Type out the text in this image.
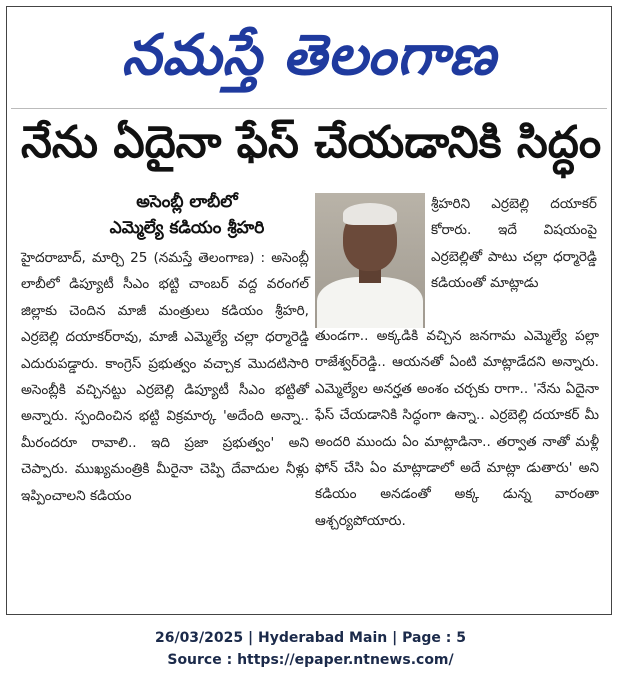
నమస్తే తెలంగాణ
నేను ఏదైనా ఫేస్ చేయడానికి సిద్ధం
అసెంబ్లీ లాబీలో
ఎమ్మెల్యే కడియం శ్రీహరి
హైదరాబాద్, మార్చి 25 (నమస్తే తెలంగాణ) : అసెంబ్లీ లాబీలో డిప్యూటీ సీఎం భట్టి చాంబర్ వద్ద వరంగల్ జిల్లాకు చెందిన మాజీ మంత్రులు కడియం శ్రీహరి, ఎర్రబెల్లి దయాకర్‌రావు, మాజీ ఎమ్మెల్యే చల్లా ధర్మారెడ్డి ఎదురుపడ్డారు. కాంగ్రెస్ ప్రభుత్వం వచ్చాక మొదటిసారి అసెంబ్లీకి వచ్చినట్టు ఎర్రబెల్లి డిప్యూటీ సీఎం భట్టితో అన్నారు. స్పందించిన భట్టి విక్రమార్క 'అదేంది అన్నా.. మీరందరూ రావాలి.. ఇది ప్రజా ప్రభుత్వం' అని చెప్పారు. ముఖ్యమంత్రికి మీరైనా చెప్పి దేవాదుల నీళ్లు ఇప్పించాలని కడియం
శ్రీహరిని ఎర్రబెల్లి దయాకర్ కోరారు. ఇదే విషయంపై ఎర్రబెల్లితో పాటు చల్లా ధర్మారెడ్డి కడియంతో మాట్లాడు
తుండగా.. అక్కడికి వచ్చిన జనగామ ఎమ్మెల్యే పల్లా రాజేశ్వర్‌రెడ్డి.. ఆయనతో ఏంటి మాట్లాడేదని అన్నారు. ఎమ్మెల్యేల అనర్హత అంశం చర్చకు రాగా.. 'నేను ఏదైనా ఫేస్ చేయడానికి సిద్ధంగా ఉన్నా.. ఎర్రబెల్లి దయాకర్ మీ అందరి ముందు ఏం మాట్లాడినా.. తర్వాత నాతో మళ్లీ ఫోన్ చేసి ఏం మాట్లాడాలో అదే మాట్లా డుతారు' అని కడియం అనడంతో అక్క డున్న వారంతా ఆశ్చర్యపోయారు.
26/03/2025 | Hyderabad Main | Page : 5
Source : https://epaper.ntnews.com/
